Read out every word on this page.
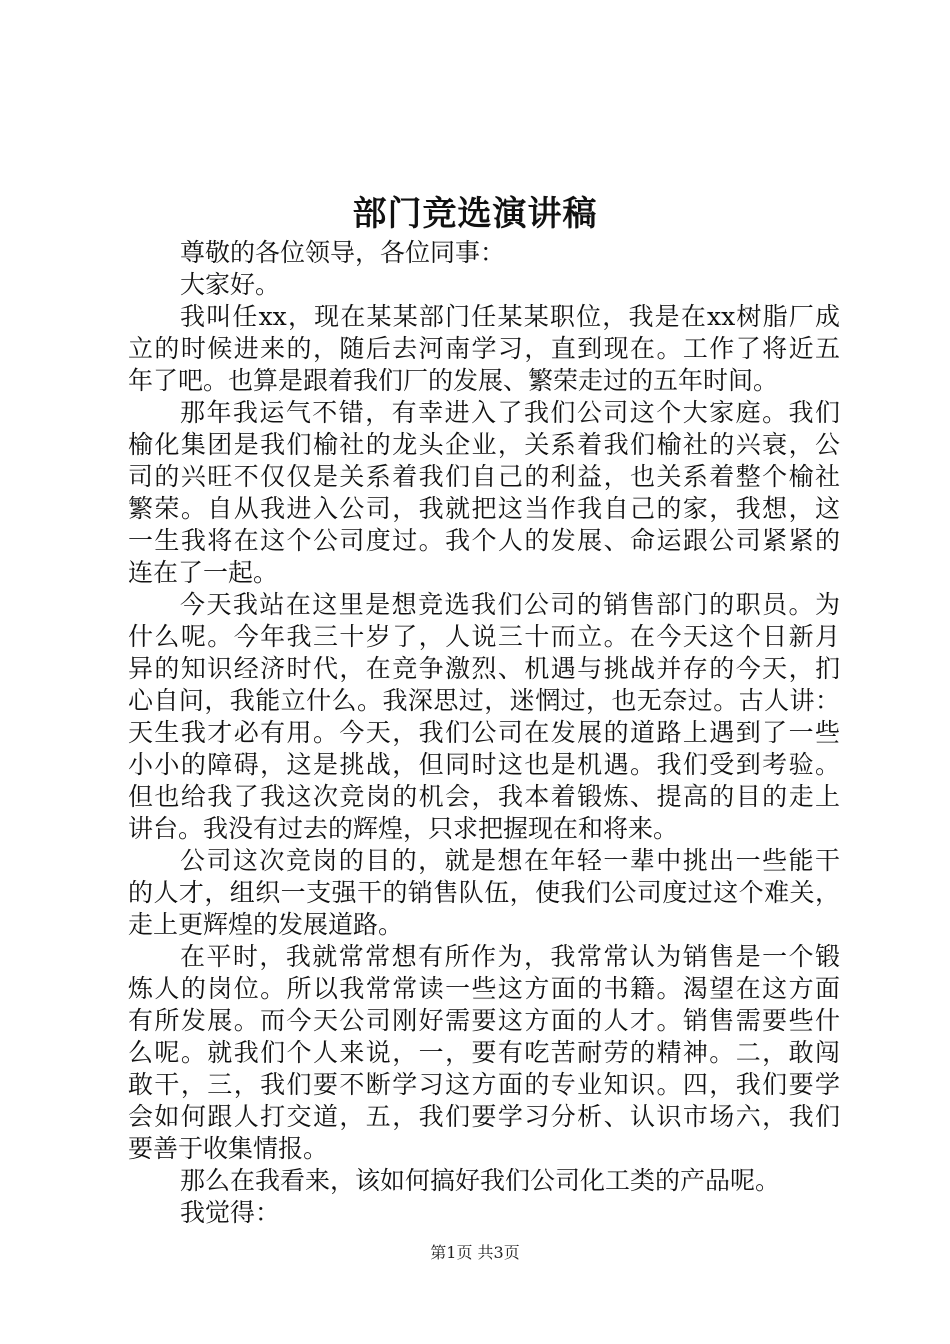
部门竞选演讲稿
尊敬的各位领导，各位同事：
大家好。
我叫任xx，现在某某部门任某某职位，我是在xx树脂厂成
立的时候进来的，随后去河南学习，直到现在。工作了将近五
年了吧。也算是跟着我们厂的发展、繁荣走过的五年时间。
那年我运气不错，有幸进入了我们公司这个大家庭。我们
榆化集团是我们榆社的龙头企业，关系着我们榆社的兴衰，公
司的兴旺不仅仅是关系着我们自己的利益，也关系着整个榆社
繁荣。自从我进入公司，我就把这当作我自己的家，我想，这
一生我将在这个公司度过。我个人的发展、命运跟公司紧紧的
连在了一起。
今天我站在这里是想竞选我们公司的销售部门的职员。为
什么呢。今年我三十岁了，人说三十而立。在今天这个日新月
异的知识经济时代，在竞争激烈、机遇与挑战并存的今天，扪
心自问，我能立什么。我深思过，迷惘过，也无奈过。古人讲：
天生我才必有用。今天，我们公司在发展的道路上遇到了一些
小小的障碍，这是挑战，但同时这也是机遇。我们受到考验。
但也给我了我这次竞岗的机会，我本着锻炼、提高的目的走上
讲台。我没有过去的辉煌，只求把握现在和将来。
公司这次竞岗的目的，就是想在年轻一辈中挑出一些能干
的人才，组织一支强干的销售队伍，使我们公司度过这个难关，
走上更辉煌的发展道路。
在平时，我就常常想有所作为，我常常认为销售是一个锻
炼人的岗位。所以我常常读一些这方面的书籍。渴望在这方面
有所发展。而今天公司刚好需要这方面的人才。销售需要些什
么呢。就我们个人来说，一，要有吃苦耐劳的精神。二，敢闯
敢干，三，我们要不断学习这方面的专业知识。四，我们要学
会如何跟人打交道，五，我们要学习分析、认识市场六，我们
要善于收集情报。
那么在我看来，该如何搞好我们公司化工类的产品呢。
我觉得：
第1页 共3页
